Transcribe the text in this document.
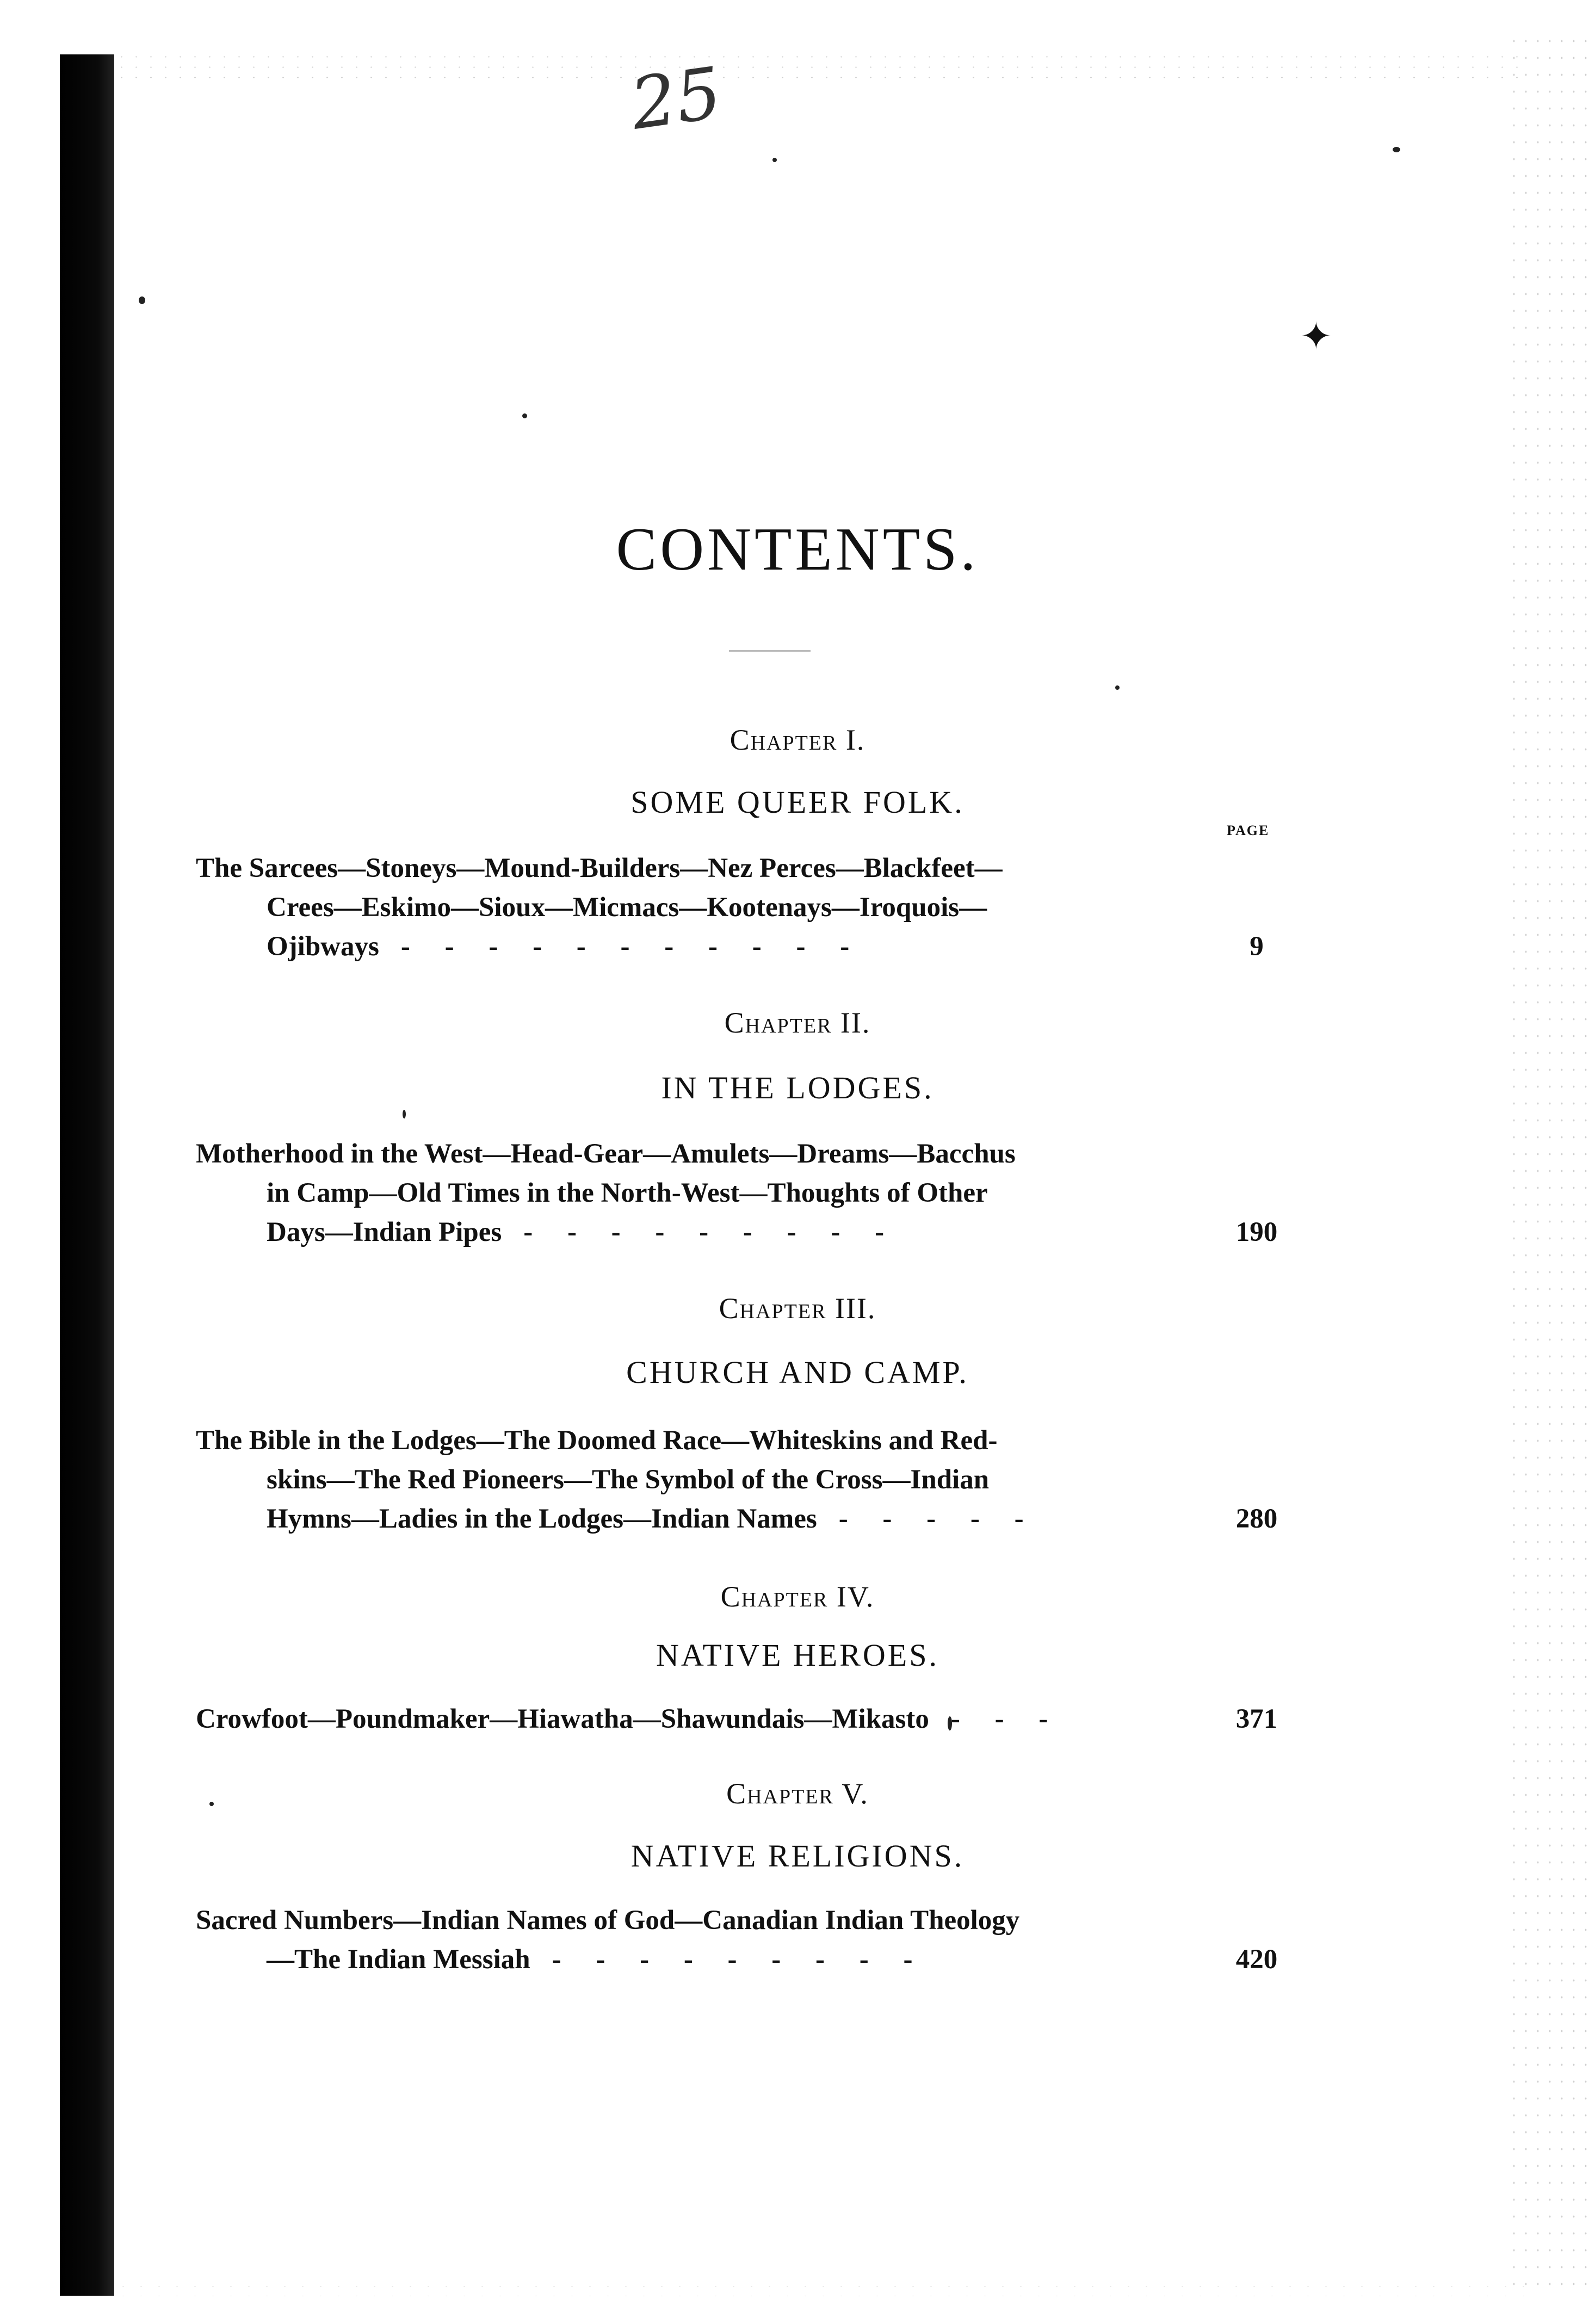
25
✦
CONTENTS.
PAGE
Chapter I.
SOME QUEER FOLK.
The Sarcees—Stoneys—Mound-Builders—Nez Perces—Blackfeet—
Crees—Eskimo—Sioux—Micmacs—Kootenays—Iroquois—
Ojibways -     -     -     -     -     -     -     -     -     -     -	9
Chapter II.
IN THE LODGES.
Motherhood in the West—Head-Gear—Amulets—Dreams—Bacchus
in Camp—Old Times in the North-West—Thoughts of Other
Days—Indian Pipes -     -     -     -     -     -     -     -     -	190
Chapter III.
CHURCH AND CAMP.
The Bible in the Lodges—The Doomed Race—Whiteskins and Red-
skins—The Red Pioneers—The Symbol of the Cross—Indian
Hymns—Ladies in the Lodges—Indian Names -     -     -     -     -	280
Chapter IV.
NATIVE HEROES.
Crowfoot—Poundmaker—Hiawatha—Shawundais—Mikasto -     -     -	371
Chapter V.
NATIVE RELIGIONS.
Sacred Numbers—Indian Names of God—Canadian Indian Theology
—The Indian Messiah -     -     -     -     -     -     -     -     -	420
